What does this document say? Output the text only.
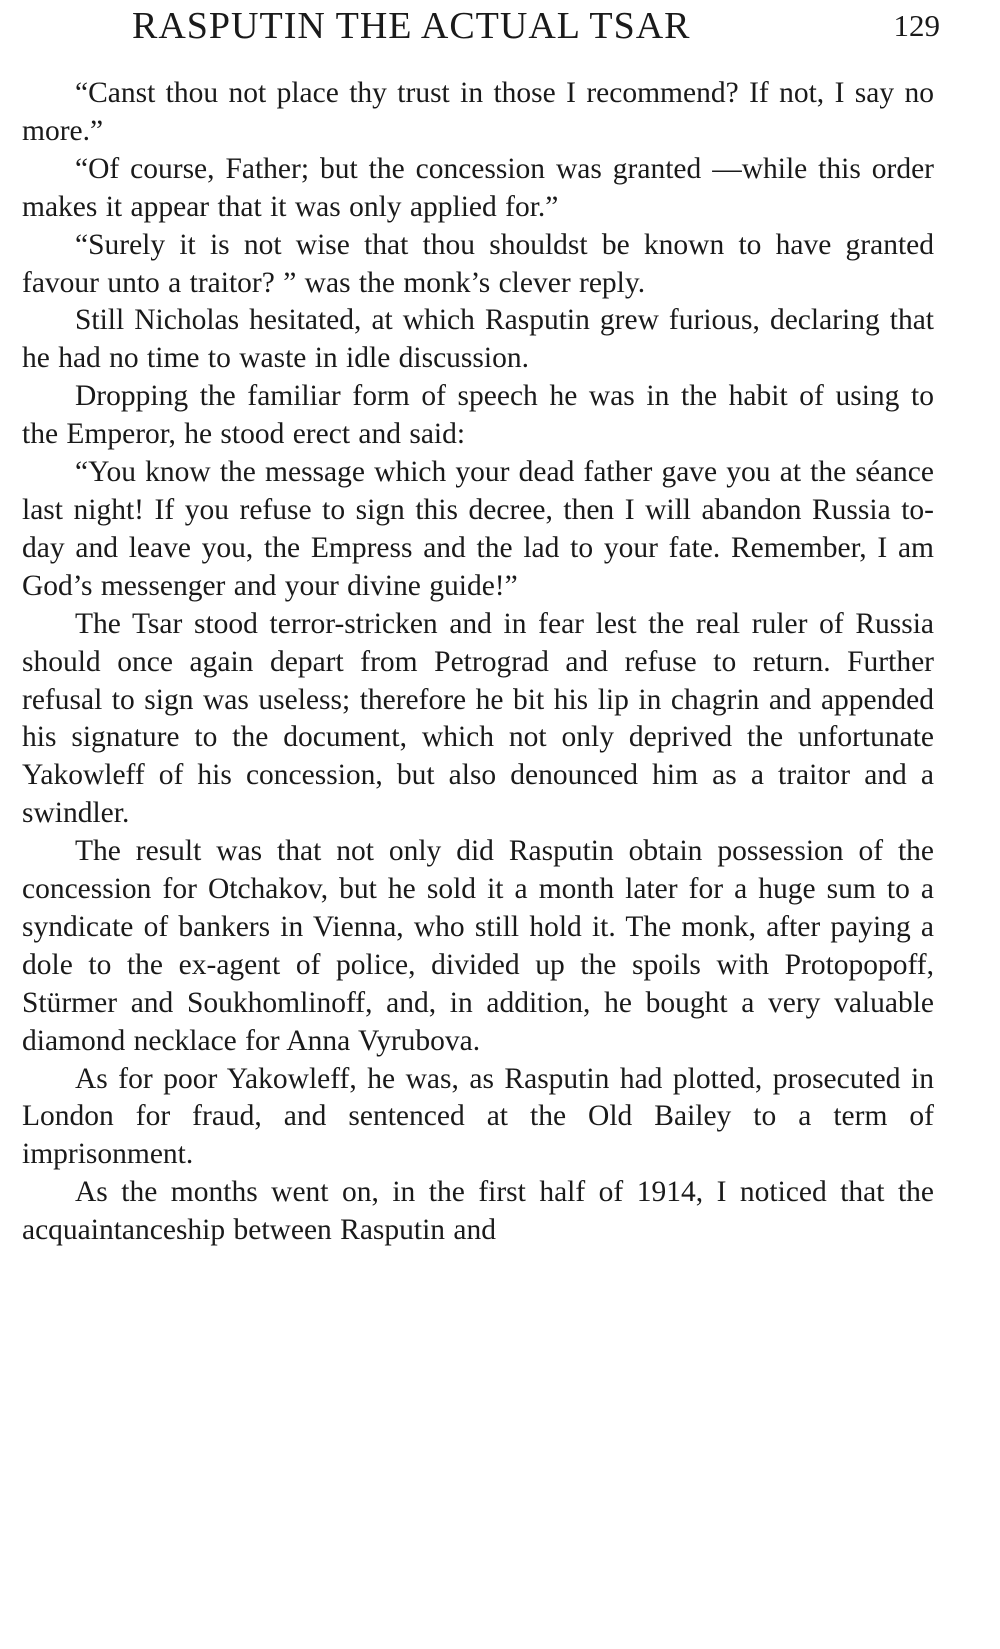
RASPUTIN THE ACTUAL TSAR	129

“Canst thou not place thy trust in those I recommend? If not, I say no more.”

“Of course, Father; but the concession was granted —while this order makes it appear that it was only applied for.”

“Surely it is not wise that thou shouldst be known to have granted favour unto a traitor? ” was the monk’s clever reply.

Still Nicholas hesitated, at which Rasputin grew furious, declaring that he had no time to waste in idle discussion.

Dropping the familiar form of speech he was in the habit of using to the Emperor, he stood erect and said:

“You know the message which your dead father gave you at the séance last night! If you refuse to sign this decree, then I will abandon Russia to-day and leave you, the Empress and the lad to your fate. Remember, I am God’s messenger and your divine guide!”

The Tsar stood terror-stricken and in fear lest the real ruler of Russia should once again depart from Petrograd and refuse to return. Further refusal to sign was useless; therefore he bit his lip in chagrin and appended his signature to the document, which not only deprived the unfortunate Yakowleff of his concession, but also denounced him as a traitor and a swindler.

The result was that not only did Rasputin obtain possession of the concession for Otchakov, but he sold it a month later for a huge sum to a syndicate of bankers in Vienna, who still hold it. The monk, after paying a dole to the ex-agent of police, divided up the spoils with Protopopoff, Stürmer and Soukhomlinoff, and, in addition, he bought a very valuable diamond necklace for Anna Vyrubova.

As for poor Yakowleff, he was, as Rasputin had plotted, prosecuted in London for fraud, and sentenced at the Old Bailey to a term of imprisonment.

As the months went on, in the first half of 1914, I noticed that the acquaintanceship between Rasputin and
